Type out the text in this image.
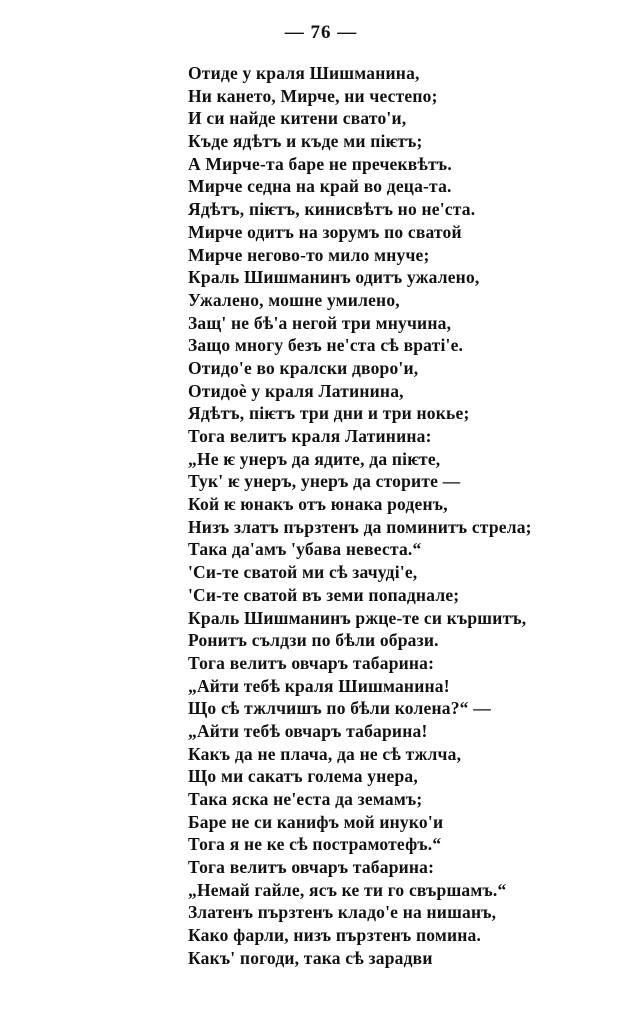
— 76 —
Отиде у краля Шишманина,
Ни кането, Мирче, ни честепо;
И си найде китени свато'и,
Къде ядѣтъ и къде ми пiѥтъ;
А Мирче-та баре не пречеквѣтъ.
Мирче седна на край во деца-та.
Ядѣтъ, пiѥтъ, кинисвѣтъ но не'ста.
Мирче одитъ на зорумъ по сватой
Мирче негово-то мило мнуче;
Краль Шишманинъ одитъ ужалено,
Ужалено, мошне умилено,
Защ' не бѣ'а негой три мнучина,
Защо многу безъ не'ста сѣ вратi'е.
Отидо'е во кралски дворо'и,
Отидоѐ у краля Латинина,
Ядѣтъ, пiѥтъ три дни и три нокье;
Тога велитъ краля Латинина:
„Не ѥ унеръ да ядите, да пiѥте,
Тук' ѥ унеръ, унеръ да сторите —
Кой ѥ юнакъ отъ юнака роденъ,
Низъ златъ пързтенъ да поминитъ стрела;
Така да'амъ 'убава невеста.“
'Си-те сватой ми сѣ зачудi'е,
'Си-те сватой въ земи попаднале;
Краль Шишманинъ ржце-те си кършитъ,
Ронитъ сълдзи по бѣли образи.
Тога велитъ овчаръ табарина:
„Айти тебѣ краля Шишманина!
Що сѣ тжлчишъ по бѣли колена?“ —
„Айти тебѣ овчаръ табарина!
Какъ да не плача, да не сѣ тжлча,
Що ми сакатъ голема унера,
Така яска не'еста да земамъ;
Баре не си канифъ мой инуко'и
Тога я не ке сѣ пострамотефъ.“
Тога велитъ овчаръ табарина:
„Немай гайле, ясъ ке ти го свършамъ.“
Златенъ пързтенъ кладо'е на нишанъ,
Како фарли, низъ пързтенъ помина.
Какъ' погоди, така сѣ зарадви
